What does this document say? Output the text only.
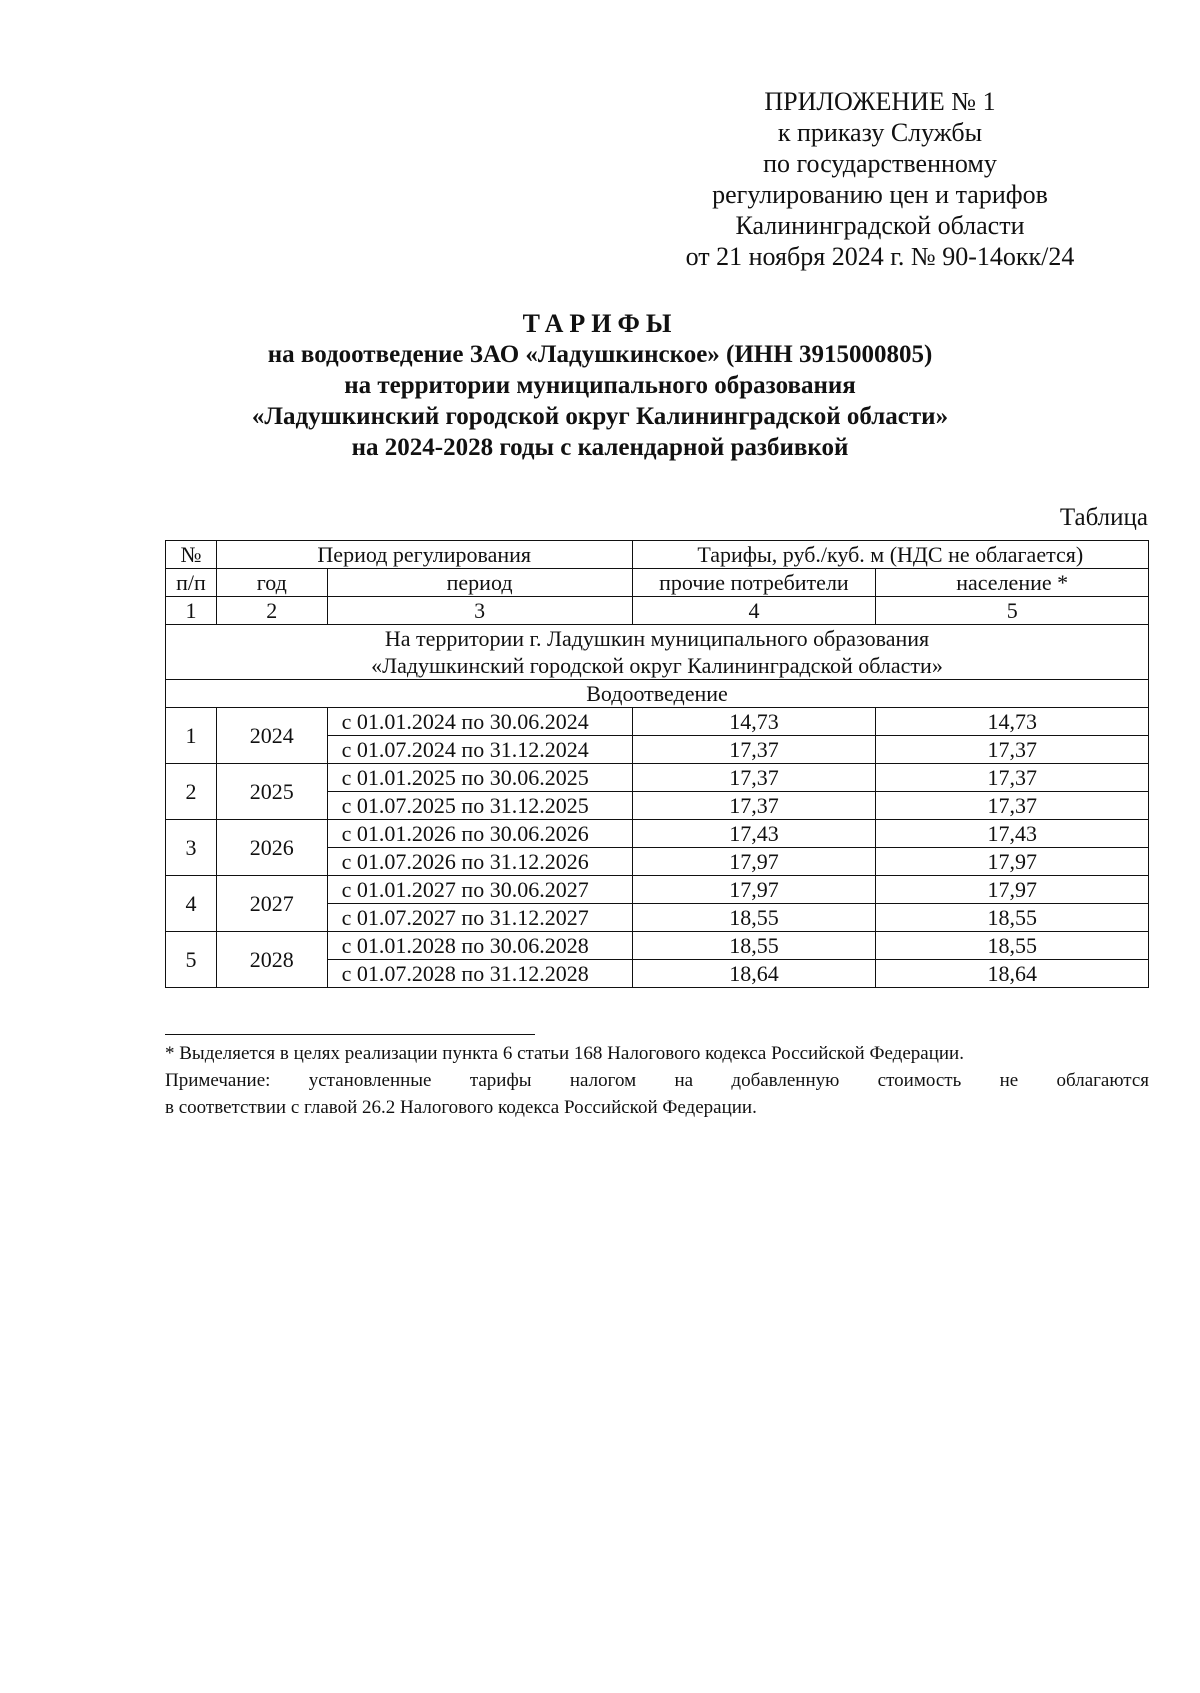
ПРИЛОЖЕНИЕ № 1
к приказу Службы
по государственному
регулированию цен и тарифов
Калининградской области
от 21 ноября 2024 г. № 90-14окк/24
ТАРИФЫ
на водоотведение ЗАО «Ладушкинское» (ИНН 3915000805)
на территории муниципального образования
«Ладушкинский городской округ Калининградской области»
на 2024-2028 годы с календарной разбивкой
Таблица
№	Период регулирования		Тарифы, руб./куб. м (НДС не облагается)	
п/п	год	период	прочие потребители	население *
1	2	3	4	5

На территории г. Ладушкин муниципального образования
«Ладушкинский городской округ Калининградской области»				

Водоотведение				
1	2024	с 01.01.2024 по 30.06.2024	14,73	14,73
		с 01.07.2024 по 31.12.2024	17,37	17,37
2	2025	с 01.01.2025 по 30.06.2025	17,37	17,37
		с 01.07.2025 по 31.12.2025	17,37	17,37
3	2026	с 01.01.2026 по 30.06.2026	17,43	17,43
		с 01.07.2026 по 31.12.2026	17,97	17,97
4	2027	с 01.01.2027 по 30.06.2027	17,97	17,97
		с 01.07.2027 по 31.12.2027	18,55	18,55
5	2028	с 01.01.2028 по 30.06.2028	18,55	18,55
		с 01.07.2028 по 31.12.2028	18,64	18,64
* Выделяется в целях реализации пункта 6 статьи 168 Налогового кодекса Российской Федерации.
Примечание: установленные тарифы налогом на добавленную стоимость не облагаются
в соответствии с главой 26.2 Налогового кодекса Российской Федерации.
